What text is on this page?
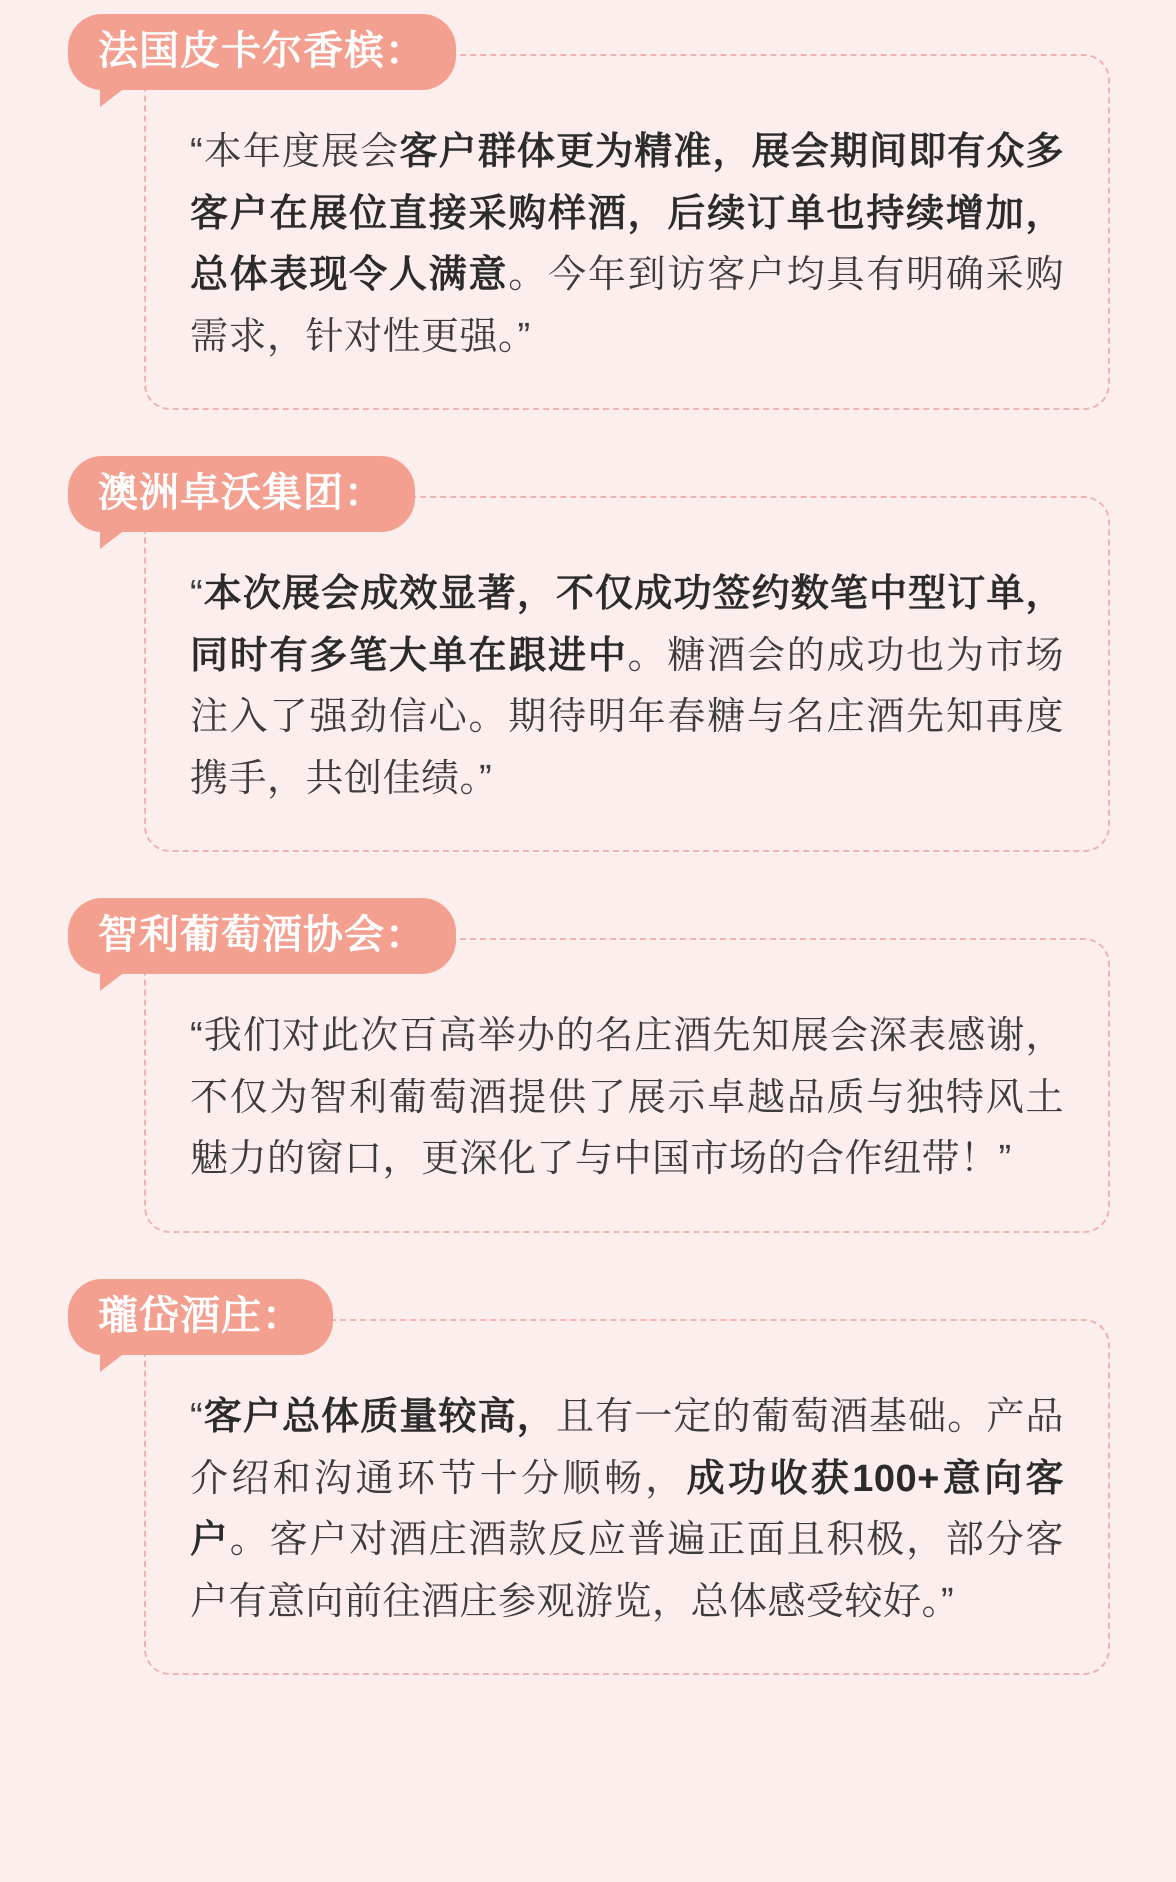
法国皮卡尔香槟：

“本年度展会客户群体更为精准，展会期间即有众多客户在展位直接采购样酒，后续订单也持续增加，总体表现令人满意。今年到访客户均具有明确采购需求，针对性更强。”

澳洲卓沃集团：

“本次展会成效显著，不仅成功签约数笔中型订单，同时有多笔大单在跟进中。糖酒会的成功也为市场注入了强劲信心。期待明年春糖与名庄酒先知再度携手，共创佳绩。”

智利葡萄酒协会：

“我们对此次百高举办的名庄酒先知展会深表感谢，不仅为智利葡萄酒提供了展示卓越品质与独特风土魅力的窗口，更深化了与中国市场的合作纽带！”

瓏岱酒庄：

“客户总体质量较高，且有一定的葡萄酒基础。产品介绍和沟通环节十分顺畅，成功收获100+意向客户。客户对酒庄酒款反应普遍正面且积极，部分客户有意向前往酒庄参观游览，总体感受较好。”
